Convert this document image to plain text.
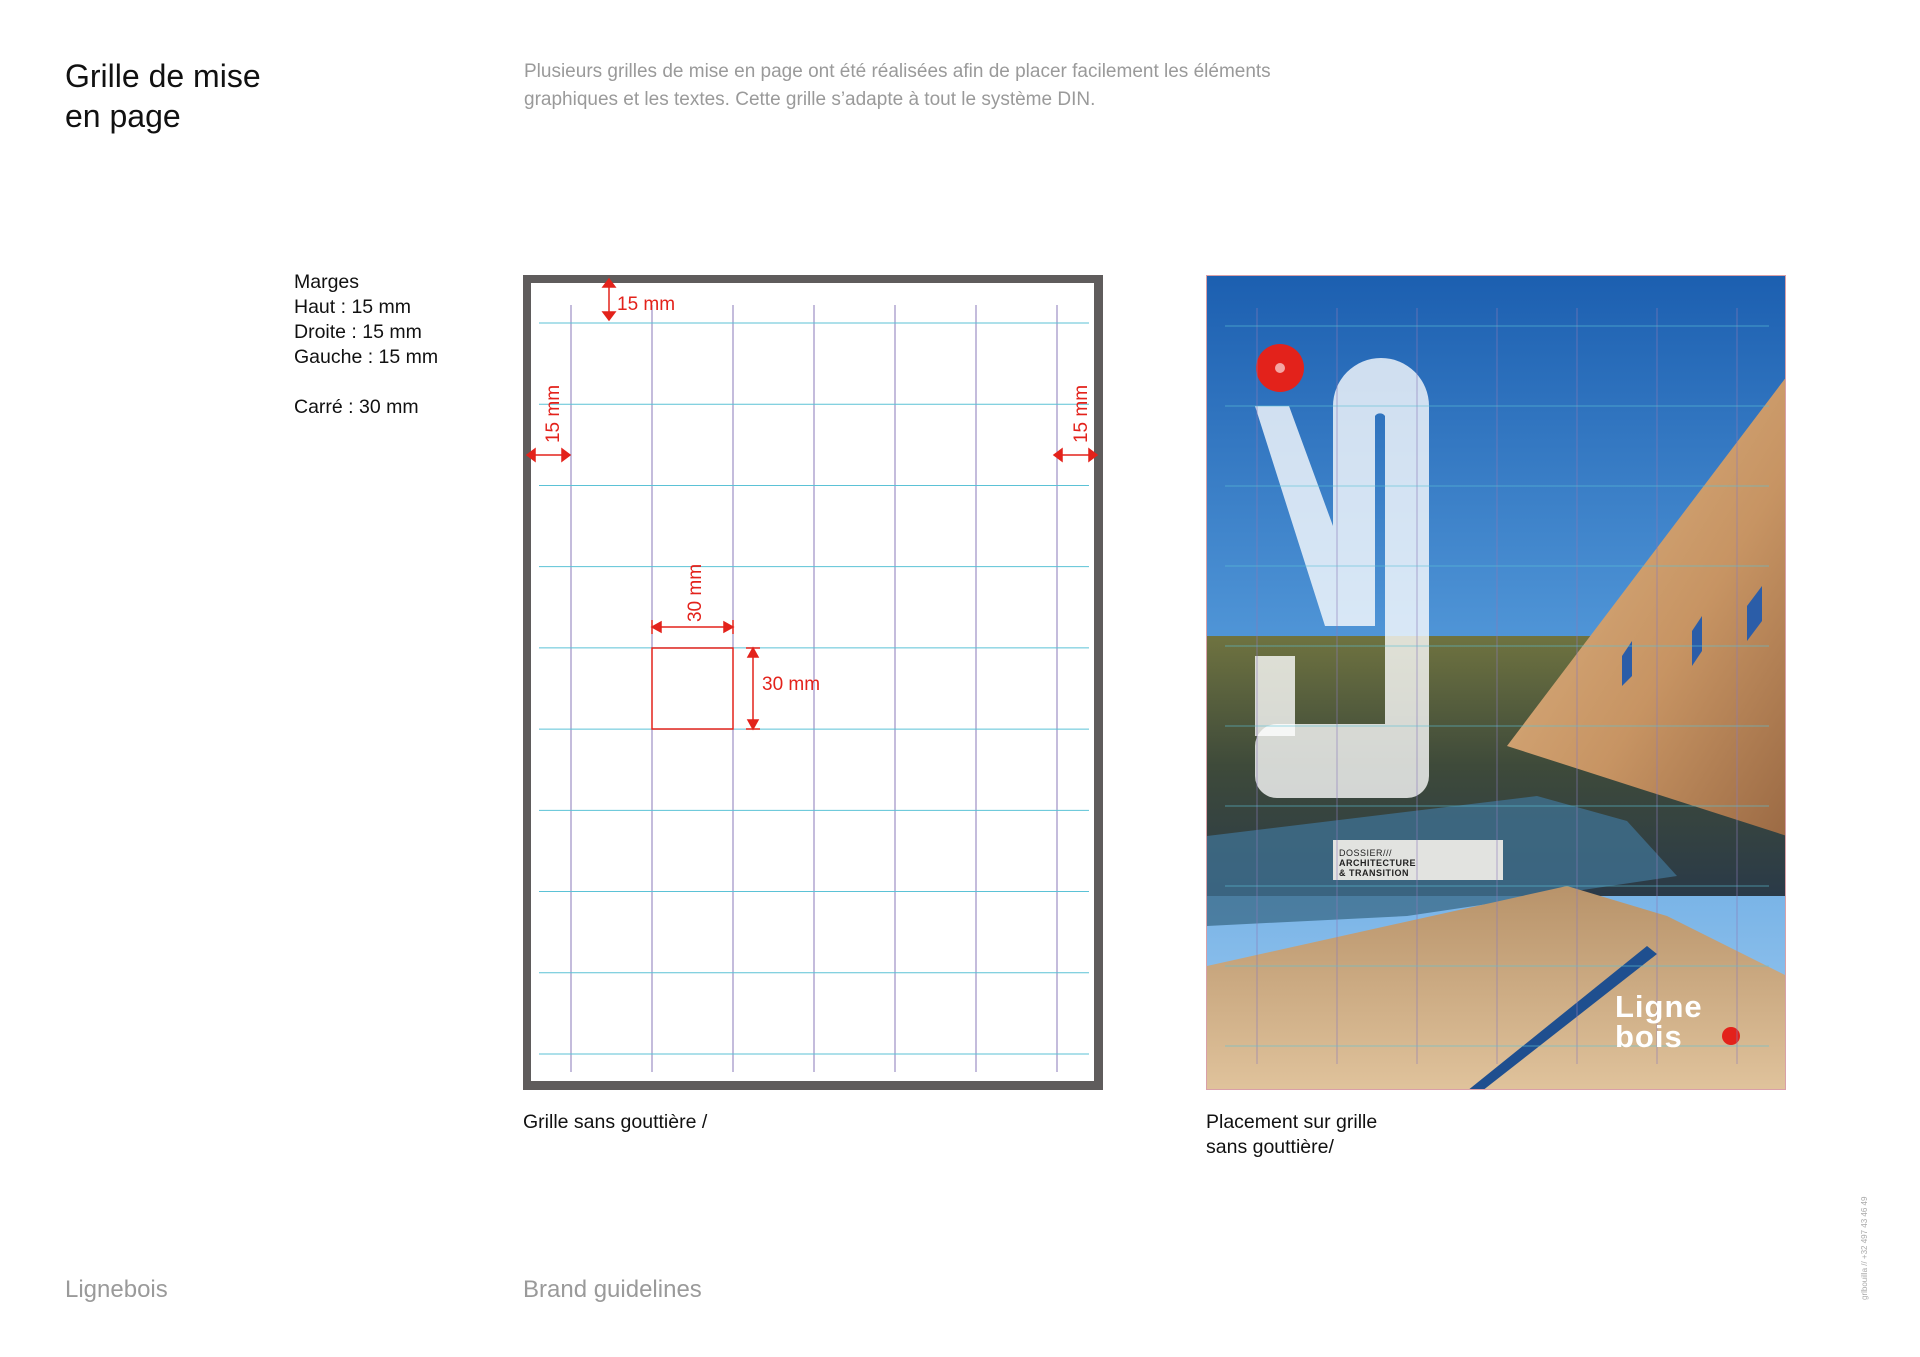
Grille de mise
en page
Plusieurs grilles de mise en page ont été réalisées afin de placer facilement les éléments
graphiques et les textes. Cette grille s’adapte à tout le système DIN.
Marges
Haut : 15 mm
Droite : 15 mm
Gauche : 15 mm
Carré : 30 mm
15 mm
15 mm	15 mm
30 mm
30 mm
DOSSIER///
ARCHITECTURE
& TRANSITION
Ligne
bois
Grille sans gouttière /	Placement sur grille
sans gouttière/
Lignebois	Brand guidelines	grlbouilla // +32 497 43 46 49
